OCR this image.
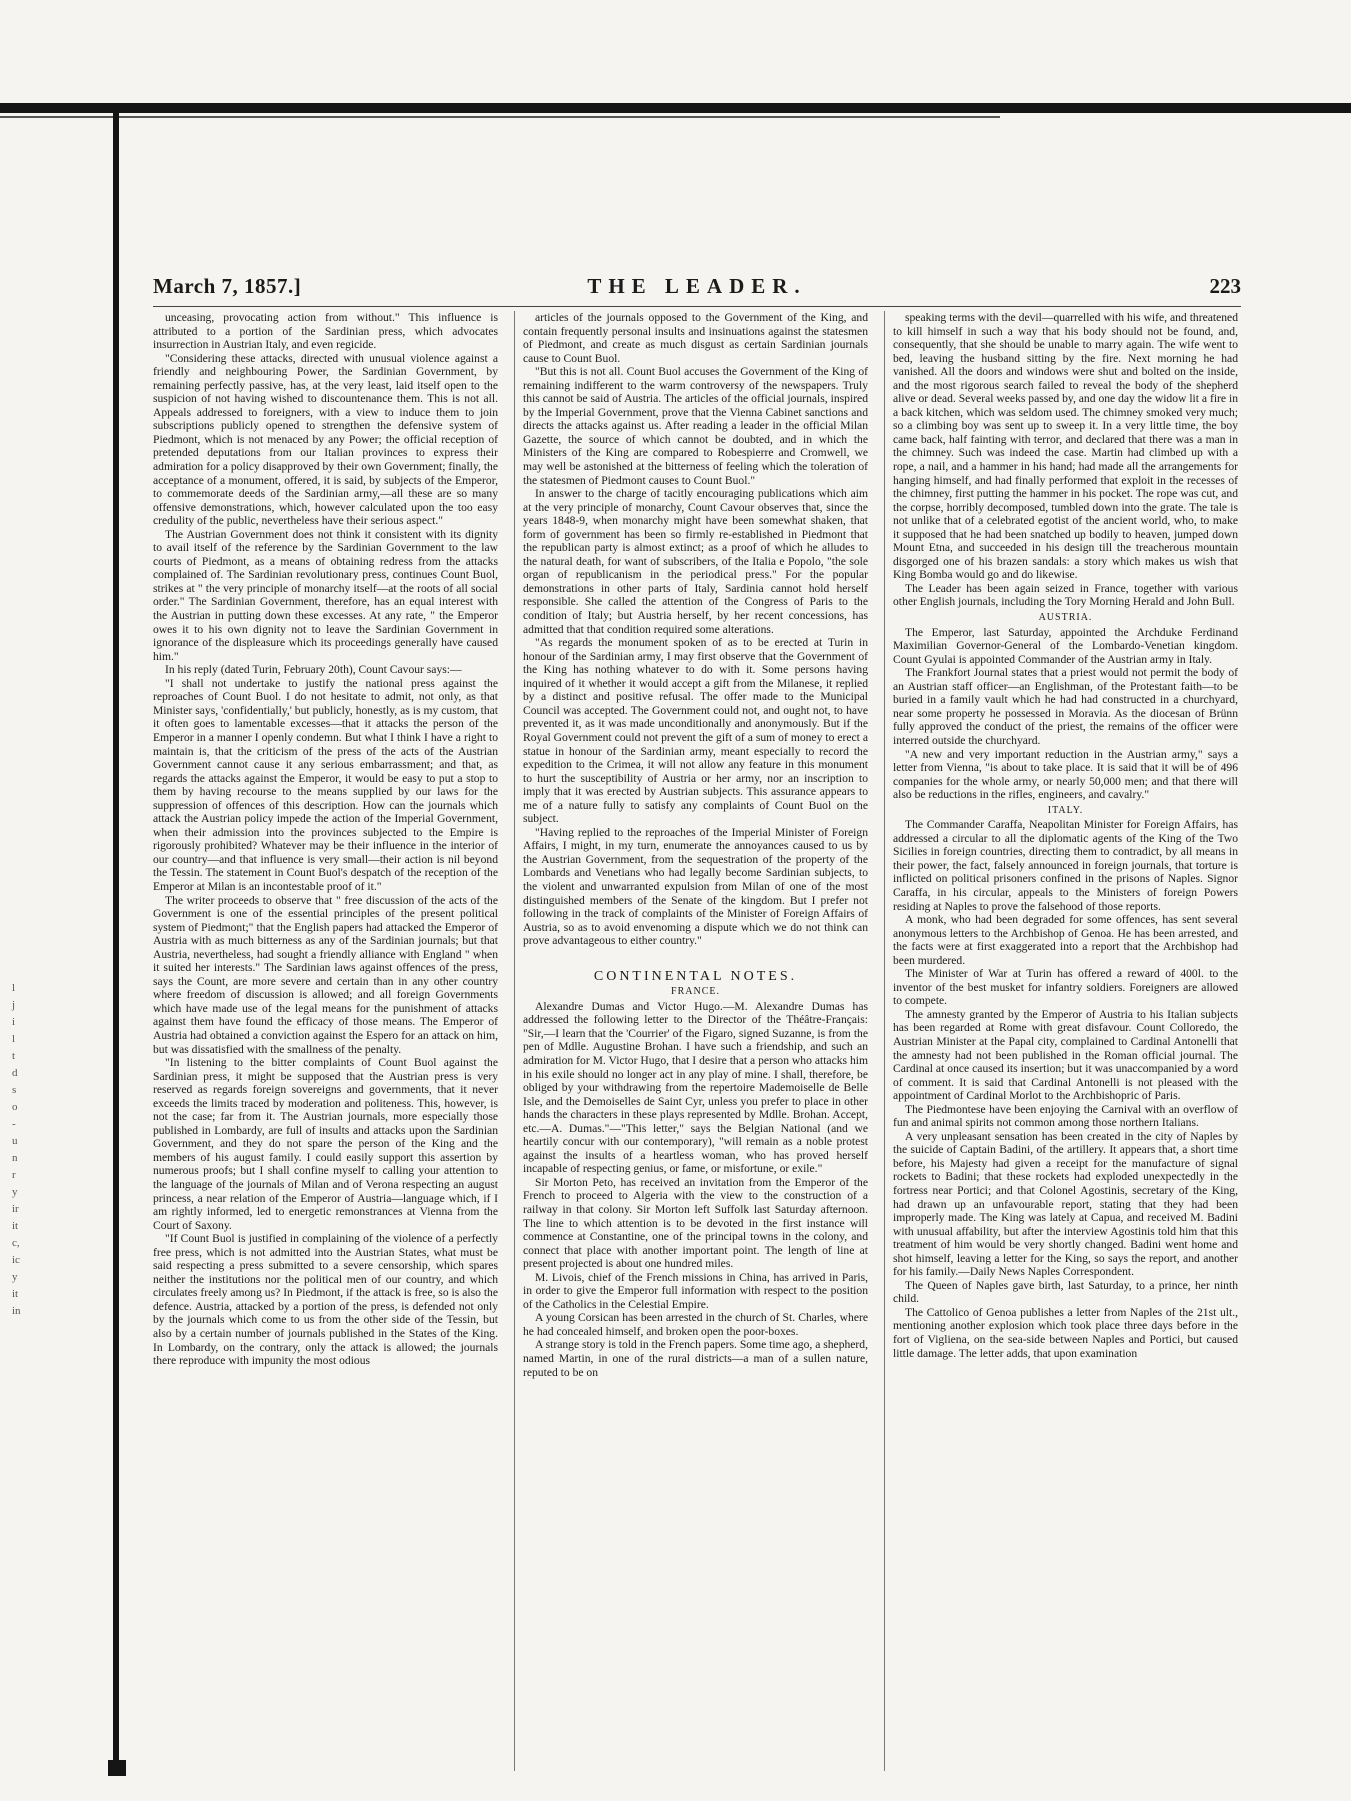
l
j
i
l
t
d
s
o
-
u
n
r
y
ir
it
c,
ic
y
it
in
March 7, 1857.]	THE LEADER.	223

unceasing, provocating action from without." This influence is attributed to a portion of the Sardinian press, which advocates insurrection in Austrian Italy, and even regicide.

"Considering these attacks, directed with unusual violence against a friendly and neighbouring Power, the Sardinian Government, by remaining perfectly passive, has, at the very least, laid itself open to the suspicion of not having wished to discountenance them. This is not all. Appeals addressed to foreigners, with a view to induce them to join subscriptions publicly opened to strengthen the defensive system of Piedmont, which is not menaced by any Power; the official reception of pretended deputations from our Italian provinces to express their admiration for a policy disapproved by their own Government; finally, the acceptance of a monument, offered, it is said, by subjects of the Emperor, to commemorate deeds of the Sardinian army,—all these are so many offensive demonstrations, which, however calculated upon the too easy credulity of the public, nevertheless have their serious aspect."

The Austrian Government does not think it consistent with its dignity to avail itself of the reference by the Sardinian Government to the law courts of Piedmont, as a means of obtaining redress from the attacks complained of. The Sardinian revolutionary press, continues Count Buol, strikes at " the very principle of monarchy itself—at the roots of all social order." The Sardinian Government, therefore, has an equal interest with the Austrian in putting down these excesses. At any rate, " the Emperor owes it to his own dignity not to leave the Sardinian Government in ignorance of the displeasure which its proceedings generally have caused him."

In his reply (dated Turin, February 20th), Count Cavour says:—

"I shall not undertake to justify the national press against the reproaches of Count Buol. I do not hesitate to admit, not only, as that Minister says, 'confidentially,' but publicly, honestly, as is my custom, that it often goes to lamentable excesses—that it attacks the person of the Emperor in a manner I openly condemn. But what I think I have a right to maintain is, that the criticism of the press of the acts of the Austrian Government cannot cause it any serious embarrassment; and that, as regards the attacks against the Emperor, it would be easy to put a stop to them by having recourse to the means supplied by our laws for the suppression of offences of this description. How can the journals which attack the Austrian policy impede the action of the Imperial Government, when their admission into the provinces subjected to the Empire is rigorously prohibited? Whatever may be their influence in the interior of our country—and that influence is very small—their action is nil beyond the Tessin. The statement in Count Buol's despatch of the reception of the Emperor at Milan is an incontestable proof of it."

The writer proceeds to observe that " free discussion of the acts of the Government is one of the essential principles of the present political system of Piedmont;" that the English papers had attacked the Emperor of Austria with as much bitterness as any of the Sardinian journals; but that Austria, nevertheless, had sought a friendly alliance with England " when it suited her interests." The Sardinian laws against offences of the press, says the Count, are more severe and certain than in any other country where freedom of discussion is allowed; and all foreign Governments which have made use of the legal means for the punishment of attacks against them have found the efficacy of those means. The Emperor of Austria had obtained a conviction against the Espero for an attack on him, but was dissatisfied with the smallness of the penalty.

"In listening to the bitter complaints of Count Buol against the Sardinian press, it might be supposed that the Austrian press is very reserved as regards foreign sovereigns and governments, that it never exceeds the limits traced by moderation and politeness. This, however, is not the case; far from it. The Austrian journals, more especially those published in Lombardy, are full of insults and attacks upon the Sardinian Government, and they do not spare the person of the King and the members of his august family. I could easily support this assertion by numerous proofs; but I shall confine myself to calling your attention to the language of the journals of Milan and of Verona respecting an august princess, a near relation of the Emperor of Austria—language which, if I am rightly informed, led to energetic remonstrances at Vienna from the Court of Saxony.

"If Count Buol is justified in complaining of the violence of a perfectly free press, which is not admitted into the Austrian States, what must be said respecting a press submitted to a severe censorship, which spares neither the institutions nor the political men of our country, and which circulates freely among us? In Piedmont, if the attack is free, so is also the defence. Austria, attacked by a portion of the press, is defended not only by the journals which come to us from the other side of the Tessin, but also by a certain number of journals published in the States of the King. In Lombardy, on the contrary, only the attack is allowed; the journals there reproduce with impunity the most odious

articles of the journals opposed to the Government of the King, and contain frequently personal insults and insinuations against the statesmen of Piedmont, and create as much disgust as certain Sardinian journals cause to Count Buol.

"But this is not all. Count Buol accuses the Government of the King of remaining indifferent to the warm controversy of the newspapers. Truly this cannot be said of Austria. The articles of the official journals, inspired by the Imperial Government, prove that the Vienna Cabinet sanctions and directs the attacks against us. After reading a leader in the official Milan Gazette, the source of which cannot be doubted, and in which the Ministers of the King are compared to Robespierre and Cromwell, we may well be astonished at the bitterness of feeling which the toleration of the statesmen of Piedmont causes to Count Buol."

In answer to the charge of tacitly encouraging publications which aim at the very principle of monarchy, Count Cavour observes that, since the years 1848-9, when monarchy might have been somewhat shaken, that form of government has been so firmly re-established in Piedmont that the republican party is almost extinct; as a proof of which he alludes to the natural death, for want of subscribers, of the Italia e Popolo, "the sole organ of republicanism in the periodical press." For the popular demonstrations in other parts of Italy, Sardinia cannot hold herself responsible. She called the attention of the Congress of Paris to the condition of Italy; but Austria herself, by her recent concessions, has admitted that that condition required some alterations.

"As regards the monument spoken of as to be erected at Turin in honour of the Sardinian army, I may first observe that the Government of the King has nothing whatever to do with it. Some persons having inquired of it whether it would accept a gift from the Milanese, it replied by a distinct and positive refusal. The offer made to the Municipal Council was accepted. The Government could not, and ought not, to have prevented it, as it was made unconditionally and anonymously. But if the Royal Government could not prevent the gift of a sum of money to erect a statue in honour of the Sardinian army, meant especially to record the expedition to the Crimea, it will not allow any feature in this monument to hurt the susceptibility of Austria or her army, nor an inscription to imply that it was erected by Austrian subjects. This assurance appears to me of a nature fully to satisfy any complaints of Count Buol on the subject.

"Having replied to the reproaches of the Imperial Minister of Foreign Affairs, I might, in my turn, enumerate the annoyances caused to us by the Austrian Government, from the sequestration of the property of the Lombards and Venetians who had legally become Sardinian subjects, to the violent and unwarranted expulsion from Milan of one of the most distinguished members of the Senate of the kingdom. But I prefer not following in the track of complaints of the Minister of Foreign Affairs of Austria, so as to avoid envenoming a dispute which we do not think can prove advantageous to either country."

CONTINENTAL NOTES.
FRANCE.

Alexandre Dumas and Victor Hugo.—M. Alexandre Dumas has addressed the following letter to the Director of the Théâtre-Français: "Sir,—I learn that the 'Courrier' of the Figaro, signed Suzanne, is from the pen of Mdlle. Augustine Brohan. I have such a friendship, and such an admiration for M. Victor Hugo, that I desire that a person who attacks him in his exile should no longer act in any play of mine. I shall, therefore, be obliged by your withdrawing from the repertoire Mademoiselle de Belle Isle, and the Demoiselles de Saint Cyr, unless you prefer to place in other hands the characters in these plays represented by Mdlle. Brohan. Accept, etc.—A. Dumas."—"This letter," says the Belgian National (and we heartily concur with our contemporary), "will remain as a noble protest against the insults of a heartless woman, who has proved herself incapable of respecting genius, or fame, or misfortune, or exile."

Sir Morton Peto, has received an invitation from the Emperor of the French to proceed to Algeria with the view to the construction of a railway in that colony. Sir Morton left Suffolk last Saturday afternoon. The line to which attention is to be devoted in the first instance will commence at Constantine, one of the principal towns in the colony, and connect that place with another important point. The length of line at present projected is about one hundred miles.

M. Livois, chief of the French missions in China, has arrived in Paris, in order to give the Emperor full information with respect to the position of the Catholics in the Celestial Empire.

A young Corsican has been arrested in the church of St. Charles, where he had concealed himself, and broken open the poor-boxes.

A strange story is told in the French papers. Some time ago, a shepherd, named Martin, in one of the rural districts—a man of a sullen nature, reputed to be on

speaking terms with the devil—quarrelled with his wife, and threatened to kill himself in such a way that his body should not be found, and, consequently, that she should be unable to marry again. The wife went to bed, leaving the husband sitting by the fire. Next morning he had vanished. All the doors and windows were shut and bolted on the inside, and the most rigorous search failed to reveal the body of the shepherd alive or dead. Several weeks passed by, and one day the widow lit a fire in a back kitchen, which was seldom used. The chimney smoked very much; so a climbing boy was sent up to sweep it. In a very little time, the boy came back, half fainting with terror, and declared that there was a man in the chimney. Such was indeed the case. Martin had climbed up with a rope, a nail, and a hammer in his hand; had made all the arrangements for hanging himself, and had finally performed that exploit in the recesses of the chimney, first putting the hammer in his pocket. The rope was cut, and the corpse, horribly decomposed, tumbled down into the grate. The tale is not unlike that of a celebrated egotist of the ancient world, who, to make it supposed that he had been snatched up bodily to heaven, jumped down Mount Etna, and succeeded in his design till the treacherous mountain disgorged one of his brazen sandals: a story which makes us wish that King Bomba would go and do likewise.

The Leader has been again seized in France, together with various other English journals, including the Tory Morning Herald and John Bull.

AUSTRIA.

The Emperor, last Saturday, appointed the Archduke Ferdinand Maximilian Governor-General of the Lombardo-Venetian kingdom. Count Gyulai is appointed Commander of the Austrian army in Italy.

The Frankfort Journal states that a priest would not permit the body of an Austrian staff officer—an Englishman, of the Protestant faith—to be buried in a family vault which he had had constructed in a churchyard, near some property he possessed in Moravia. As the diocesan of Brünn fully approved the conduct of the priest, the remains of the officer were interred outside the churchyard.

"A new and very important reduction in the Austrian army," says a letter from Vienna, "is about to take place. It is said that it will be of 496 companies for the whole army, or nearly 50,000 men; and that there will also be reductions in the rifles, engineers, and cavalry."

ITALY.

The Commander Caraffa, Neapolitan Minister for Foreign Affairs, has addressed a circular to all the diplomatic agents of the King of the Two Sicilies in foreign countries, directing them to contradict, by all means in their power, the fact, falsely announced in foreign journals, that torture is inflicted on political prisoners confined in the prisons of Naples. Signor Caraffa, in his circular, appeals to the Ministers of foreign Powers residing at Naples to prove the falsehood of those reports.

A monk, who had been degraded for some offences, has sent several anonymous letters to the Archbishop of Genoa. He has been arrested, and the facts were at first exaggerated into a report that the Archbishop had been murdered.

The Minister of War at Turin has offered a reward of 400l. to the inventor of the best musket for infantry soldiers. Foreigners are allowed to compete.

The amnesty granted by the Emperor of Austria to his Italian subjects has been regarded at Rome with great disfavour. Count Colloredo, the Austrian Minister at the Papal city, complained to Cardinal Antonelli that the amnesty had not been published in the Roman official journal. The Cardinal at once caused its insertion; but it was unaccompanied by a word of comment. It is said that Cardinal Antonelli is not pleased with the appointment of Cardinal Morlot to the Archbishopric of Paris.

The Piedmontese have been enjoying the Carnival with an overflow of fun and animal spirits not common among those northern Italians.

A very unpleasant sensation has been created in the city of Naples by the suicide of Captain Badini, of the artillery. It appears that, a short time before, his Majesty had given a receipt for the manufacture of signal rockets to Badini; that these rockets had exploded unexpectedly in the fortress near Portici; and that Colonel Agostinis, secretary of the King, had drawn up an unfavourable report, stating that they had been improperly made. The King was lately at Capua, and received M. Badini with unusual affability, but after the interview Agostinis told him that this treatment of him would be very shortly changed. Badini went home and shot himself, leaving a letter for the King, so says the report, and another for his family.—Daily News Naples Correspondent.

The Queen of Naples gave birth, last Saturday, to a prince, her ninth child.

The Cattolico of Genoa publishes a letter from Naples of the 21st ult., mentioning another explosion which took place three days before in the fort of Vigliena, on the sea-side between Naples and Portici, but caused little damage. The letter adds, that upon examination
